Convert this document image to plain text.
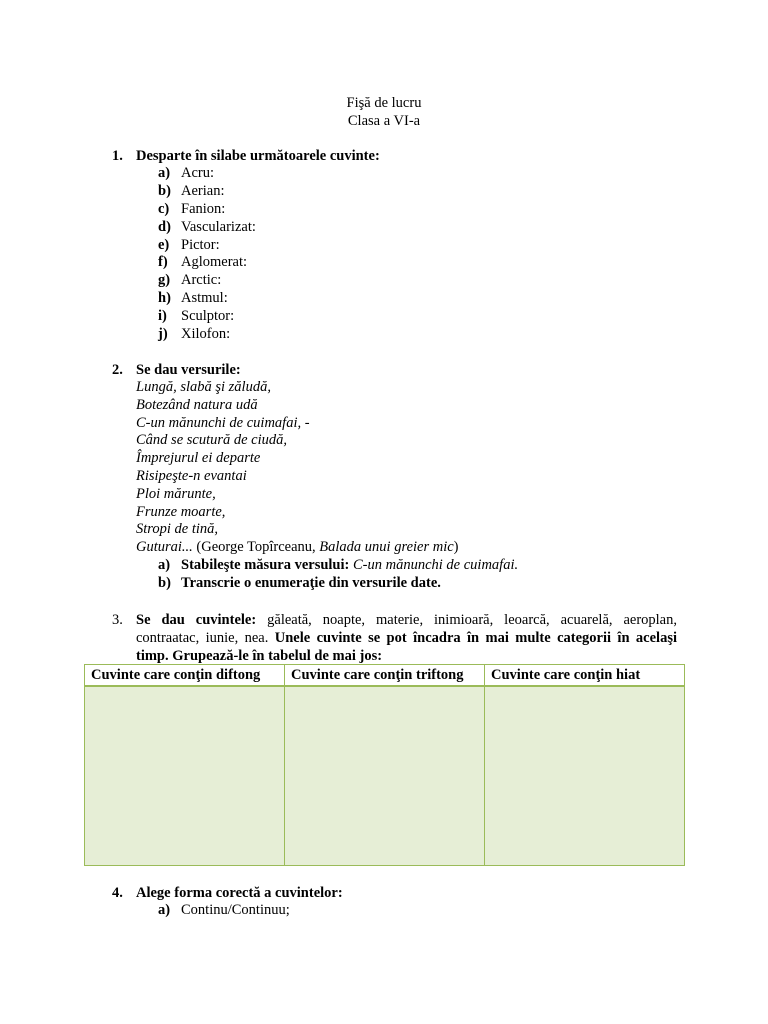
Fişă de lucru
Clasa a VI-a
1. Desparte în silabe următoarele cuvinte:
a) Acru:
b) Aerian:
c) Fanion:
d) Vascularizat:
e) Pictor:
f) Aglomerat:
g) Arctic:
h) Astmul:
i) Sculptor:
j) Xilofon:
2. Se dau versurile:
Lungă, slabă şi zăludă,
Botezând natura udă
C-un mănunchi de cuimafai, -
Când se scutură de ciudă,
Împrejurul ei departe
Risipeşte-n evantai
Ploi mărunte,
Frunze moarte,
Stropi de tină,
Guturai... (George Topîrceanu, Balada unui greier mic)
a) Stabileşte măsura versului: C-un mănunchi de cuimafai.
b) Transcrie o enumeraţie din versurile date.
3. Se dau cuvintele: găleată, noapte, materie, inimioară, leoarcă, acuarelă, aeroplan, contraatac, iunie, nea. Unele cuvinte se pot încadra în mai multe categorii în acelaşi timp. Grupează-le în tabelul de mai jos:
Cuvinte care conţin diftong	Cuvinte care conţin triftong	Cuvinte care conţin hiat

4. Alege forma corectă a cuvintelor:
a) Continu/Continuu;
